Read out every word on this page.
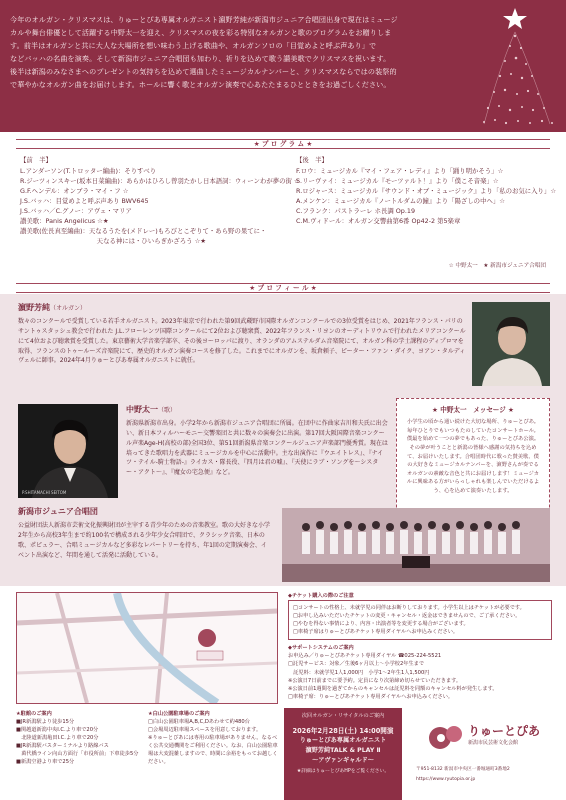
今年のオルガン・クリスマスは、りゅーとぴあ専属オルガニスト濵野芳純が新潟市ジュニア合唱団出身で現在はミュージ
カルや舞台俳優として活躍する中野太一を迎え、クリスマスの夜を彩る特別なオルガンと歌のプログラムをお贈りしま
す。前半はオルガンと共に大人な大場所を想い味わう上げる歌曲や、オルガンソロの「目覚めよと呼ぶ声あり」で
などバッハの名曲を演奏。そして新潟市ジュニア合唱団も加わり、祈りを込めて歌う讃美歌でクリスマスを祝います。
後半は新潟のみなさまへのプレゼントの気持ちを込めて選曲したミュージカルナンバーと、クリスマスならではの装祭的
で華やかなオルガン曲をお届けします。ホールに響く歌とオルガン演奏で心あたたまるひとときをお過ごしください。
★ プ ロ グ ラ ム ★
【前　半】
L.アンダーソン(T.トロッター編曲)：そりすべり
R.ジーツィンスキー(坂本日菜編曲)：あらかはひろし曾羽たかし日本語詞：ウィーンわが夢の街 ☆
G.F.ヘンデル：オンブラ・マイ・フ ☆
J.S.バッハ：目覚めよと呼ぶ声あり BWV645
J.S.バッハ／C.グノー：アヴェ・マリア
讃美歌：Panis Angelicus ☆★
讃美歌(佐長真至編曲)：天なるうたを(メドレー)もろびとこぞりて・あら野の果てに・
　　　　　　　　　　　　天なる神には・ひいらぎかざろう ☆★
【後　半】
F.ロウ：ミュージカル『マイ・フェア・レディ』より「踊り明かそう」☆
S.リーヴァイ：ミュージカル『モーツァルト！』より「僕こそ音楽」☆
R.ロジャース：ミュージカル『サウンド・オブ・ミュージック』より「私のお気に入り」☆
A.メンケン：ミュージカル『ノートルダムの鐘』より「陽ざしの中へ」☆
C.フランク：パストラーレ ホ長調 Op.19
C.M.ヴィドール：オルガン交響曲第6番 Op42-2 第5楽章
☆ 中野太一　★ 新潟市ジュニア合唱団
★ プ ロ フ ィ ー ル ★
濵野芳純（オルガン）
数々のコンクールで受賞している若手オルガニスト。2023年東京で行われた第9回武蔵野市国際オルガンコンクールでの3位受賞をはじめ、2021年フランス・パリのサントゥスタッシュ教会で行われた J.L.フローレンツ国際コンクールにて2位および聴衆賞、2022年フランス・リヨンのオーディトリウムで行われたメリアコンクールにて4位および聴衆賞を受賞した。東京藝術大学音楽学部卒、その後ヨーロッパに渡り、オランダのアムステルダム音楽院にて、オルガン科の学士課程のディプロマを取得、フランスのトゥールーズ音楽院にて、歴史的オルガン演奏コースを修了した。これまでにオルガンを、坂倉頼子、ピーター・ファン・ダイク、ヨアン・タルディヴェルに師事。2024年4月りゅーとぴあ専属オルガニストに就任。
P.SHITAMACHI SEITOM
中野太一（歌）
新潟県新潟市出身。小学2年から新潟市ジュニア合唱団に所属。在団中に作曲家吉川和夫氏に出会い、新日本フィルハーモニー交響楽団と共に数々の演奏会に出演。第17回大阪国際音楽コンクール声楽Age-H(高校の部)全国3位、第51回新潟県音楽コンクールジュニア声楽部門優秀賞。現在は培ってきた歌唱力を武器にミュージカルを中心に活動中。主な出演作に『ウエイトレス』、『ナイツ・テイル-騎士物語-』ライカス・隊長役、『四月は君の嘘』、『天使にラブ・ソングを〜シスター・アクト〜』、『魔女の宅急便』など。
★ 中野太一　メッセージ ★
小学生の頃から通い続けた大切な場所、りゅーとぴあ。毎年ひとりでもいつもたのしていたコンサートホール。僕最を始めて一つの夢でもあった、りゅーとぴあ公演。その夢が叶うことと新潟の皆様へ感謝の気持ちを込めて、お届けいたします。合唱団時代に歌った賛美歌、僕の大好きなミュージカルナンバーを、濵野さんが奏でるオルガンの素敵な音色と共にお届けします！ミュージカルに興味ある方がいらっしゃれも楽しんでいただけるよう、心を込めて演奏いたします。
新潟市ジュニア合唱団
公益財団法人新潟市芸術文化振興財団が主宰する青少年のための音楽教室。歌の大好きな小学2年生から高校3年生まで約100名で構成される少年少女合唱団で、クラシック音楽、日本の歌、ポピュラー、合唱ミュージカルなど多彩なレパートリーを持ち、年1回の定期演奏会、イベント出演など、年間を通して活発に活動している。
◆チケット購入の際のご注意
□コンサートの性格上、未就学児の同伴はお断りしております。小学生以上はチケットが必要です。
□お申し込みいただいたチケットの変更・キャンセル・返金はできませんので、ご了承ください。
□やむを得ない事情により、内容・出演者等を変更する場合がございます。
□車椅子席はりゅーとぴあチケット専用ダイヤルへお申込みください。
◆サポートシステムのご案内
お申込み／りゅーとぴあチケット専用ダイヤル ☎025-224-5521
□託児サービス：対象／生後6ヶ月以上〜小学校2年生まで
　託児料：未就学児1人1,000円　小学1〜2年生1人1,500円
※公演日7日前までに要予約。定員になり次第締め切らせていただきます。
※公演日前1週間を過ぎてからのキャンセルは託児料を同額のキャンセル料が発生します。
□車椅子席：りゅーとぴあチケット専用ダイヤルへお申込みください。
★駐館のご案内
■JR新潟駅より徒歩15分
■関越道新潟中央I.C.より車で20分
　北陸道新潟亀田I.C.より車で20分
■JR新潟駅バスターミナルより路線バス
　萬代橋ライン向山方面行「市役所前」下車徒歩5分
■新潟空港より車で25分
★白山公園駐車場のご案内
□白山公園駐車場A,B,C,Dあわせて約480台
□会場周辺駐車場スペースを用意しております。
※りゅーとぴあには専用の駐車場がありません。なるべく公共交通機関をご利用ください。なお、白山公園駐車場は大変混雑しますので、時間に余裕をもってお越しください。
次回オルガン・リサイタルのご案内
2026年2月28日(土) 14:00開演
りゅーとぴあ専属オルガニスト
濵野芳純TALK & PLAY Ⅱ
～アヴァンギャルド～
★詳細はりゅーとぴあHPをご覧ください。
りゅーとぴあ
新潟市民芸術文化会館
〒951-8132 新潟市中央区一番堀通町3番地2
https://www.ryutopia.or.jp
